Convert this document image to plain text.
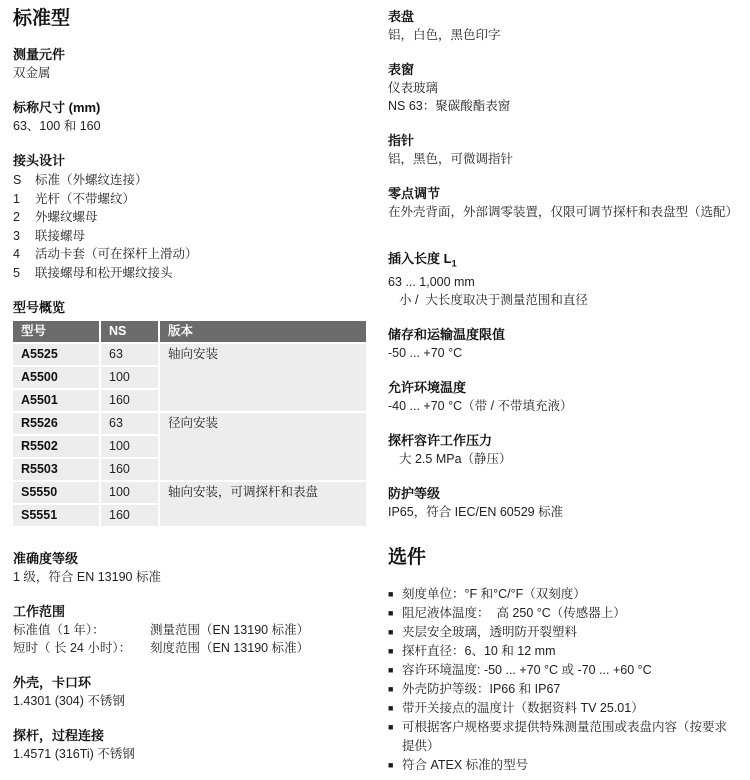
标准型
测量元件

双金属

标称尺寸 (mm)

63、100 和 160

接头设计
S	标准（外螺纹连接）
1	光杆（不带螺纹）
2	外螺纹螺母
3	联接螺母
4	活动卡套（可在探杆上滑动）
5	联接螺母和松开螺纹接头
型号概览
型号	NS	版本
A5525	63	轴向安装
A5500	100	
A5501	160	
R5526	63	径向安装
R5502	100	
R5503	160	
S5550	100	轴向安装，可调探杆和表盘
S5551	160	
准确度等级

1 级，符合 EN 13190 标准

工作范围
标准值（1 年）：	测量范围（EN 13190 标准）
短时（ 长 24 小时）：	刻度范围（EN 13190 标准）
外壳，卡口环

1.4301 (304) 不锈钢

探杆，过程连接

1.4571 (316Ti) 不锈钢

表盘

铝，白色，黑色印字

表窗

仪表玻璃

NS 63：聚碳酸酯表窗

指针

铝，黑色，可微调指针

零点调节

在外壳背面，外部调零装置，仅限可调节探杆和表盘型（选配）

插入长度 $L_1$

63 ... 1,000 mm

小 /  大长度取决于测量范围和直径

储存和运输温度限值

-50 ... +70 °C

允许环境温度

-40 ... +70 °C（带 / 不带填充液）

探杆容许工作压力

大 2.5 MPa（静压）

防护等级

IP65，符合 IEC/EN 60529 标准

选件
■ 刻度单位：°F 和°C/°F（双刻度）
■ 阻尼液体温度：  高 250 °C（传感器上）
■ 夹层安全玻璃，透明防开裂塑料
■ 探杆直径：6、10 和 12 mm
■ 容许环境温度: -50 ... +70 °C 或 -70 ... +60 °C
■ 外壳防护等级：IP66 和 IP67
■ 带开关接点的温度计（数据资料 TV 25.01）
■ 可根据客户规格要求提供特殊测量范围或表盘内容（按要求提供）
■ 符合 ATEX 标准的型号
